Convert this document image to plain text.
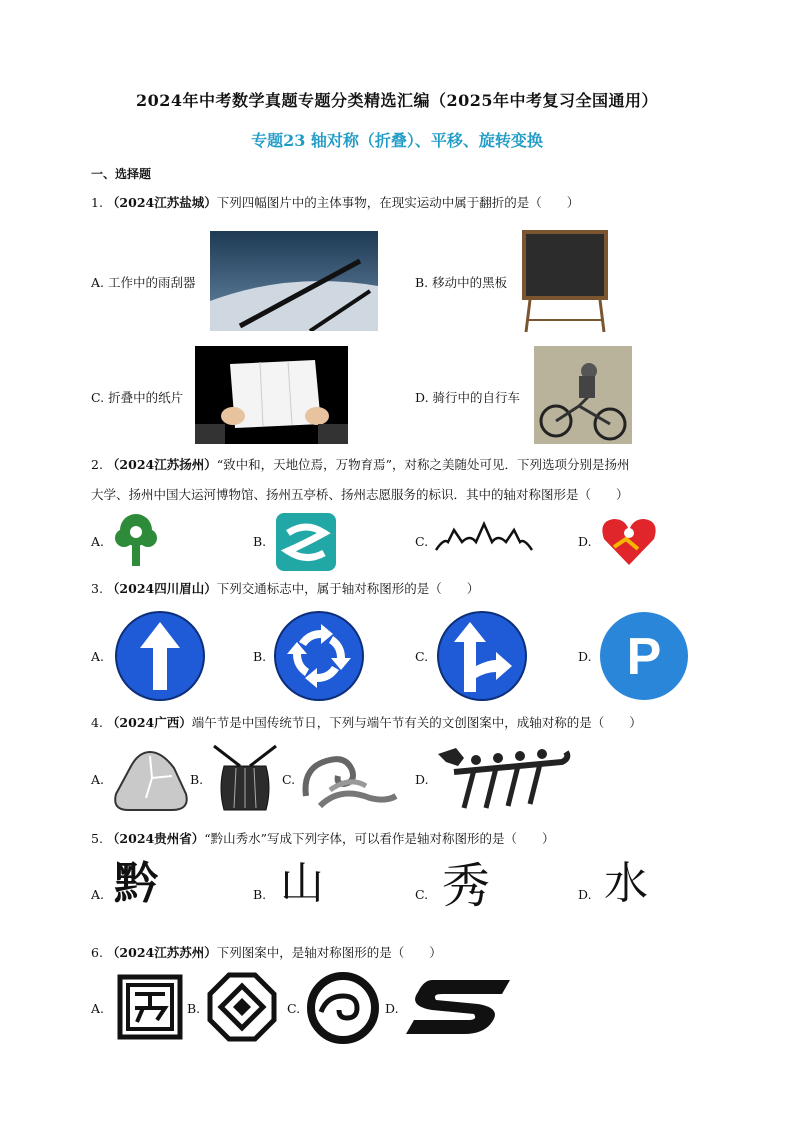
2024年中考数学真题专题分类精选汇编（2025年中考复习全国通用）
专题23 轴对称（折叠）、平移、旋转变换
一、选择题
1. （2024江苏盐城）下列四幅图片中的主体事物，在现实运动中属于翻折的是（　　）
A. 工作中的雨刮器	B. 移动中的黑板
C. 折叠中的纸片	D. 骑行中的自行车
2. （2024江苏扬州）“致中和，天地位焉，万物育焉”，对称之美随处可见．下列选项分别是扬州
大学、扬州中国大运河博物馆、扬州五亭桥、扬州志愿服务的标识．其中的轴对称图形是（　　）
A.	B.	C.	D.
3. （2024四川眉山）下列交通标志中，属于轴对称图形的是（　　）
A.	B.	C.	D. P
4. （2024广西）端午节是中国传统节日，下列与端午节有关的文创图案中，成轴对称的是（　　）
A.	B.	C.	D.
5. （2024贵州省）“黔山秀水”写成下列字体，可以看作是轴对称图形的是（　　）
A. 黔	B. 山	C. 秀	D. 水
6. （2024江苏苏州）下列图案中，是轴对称图形的是（　　）
A.	B.	C.	D.
